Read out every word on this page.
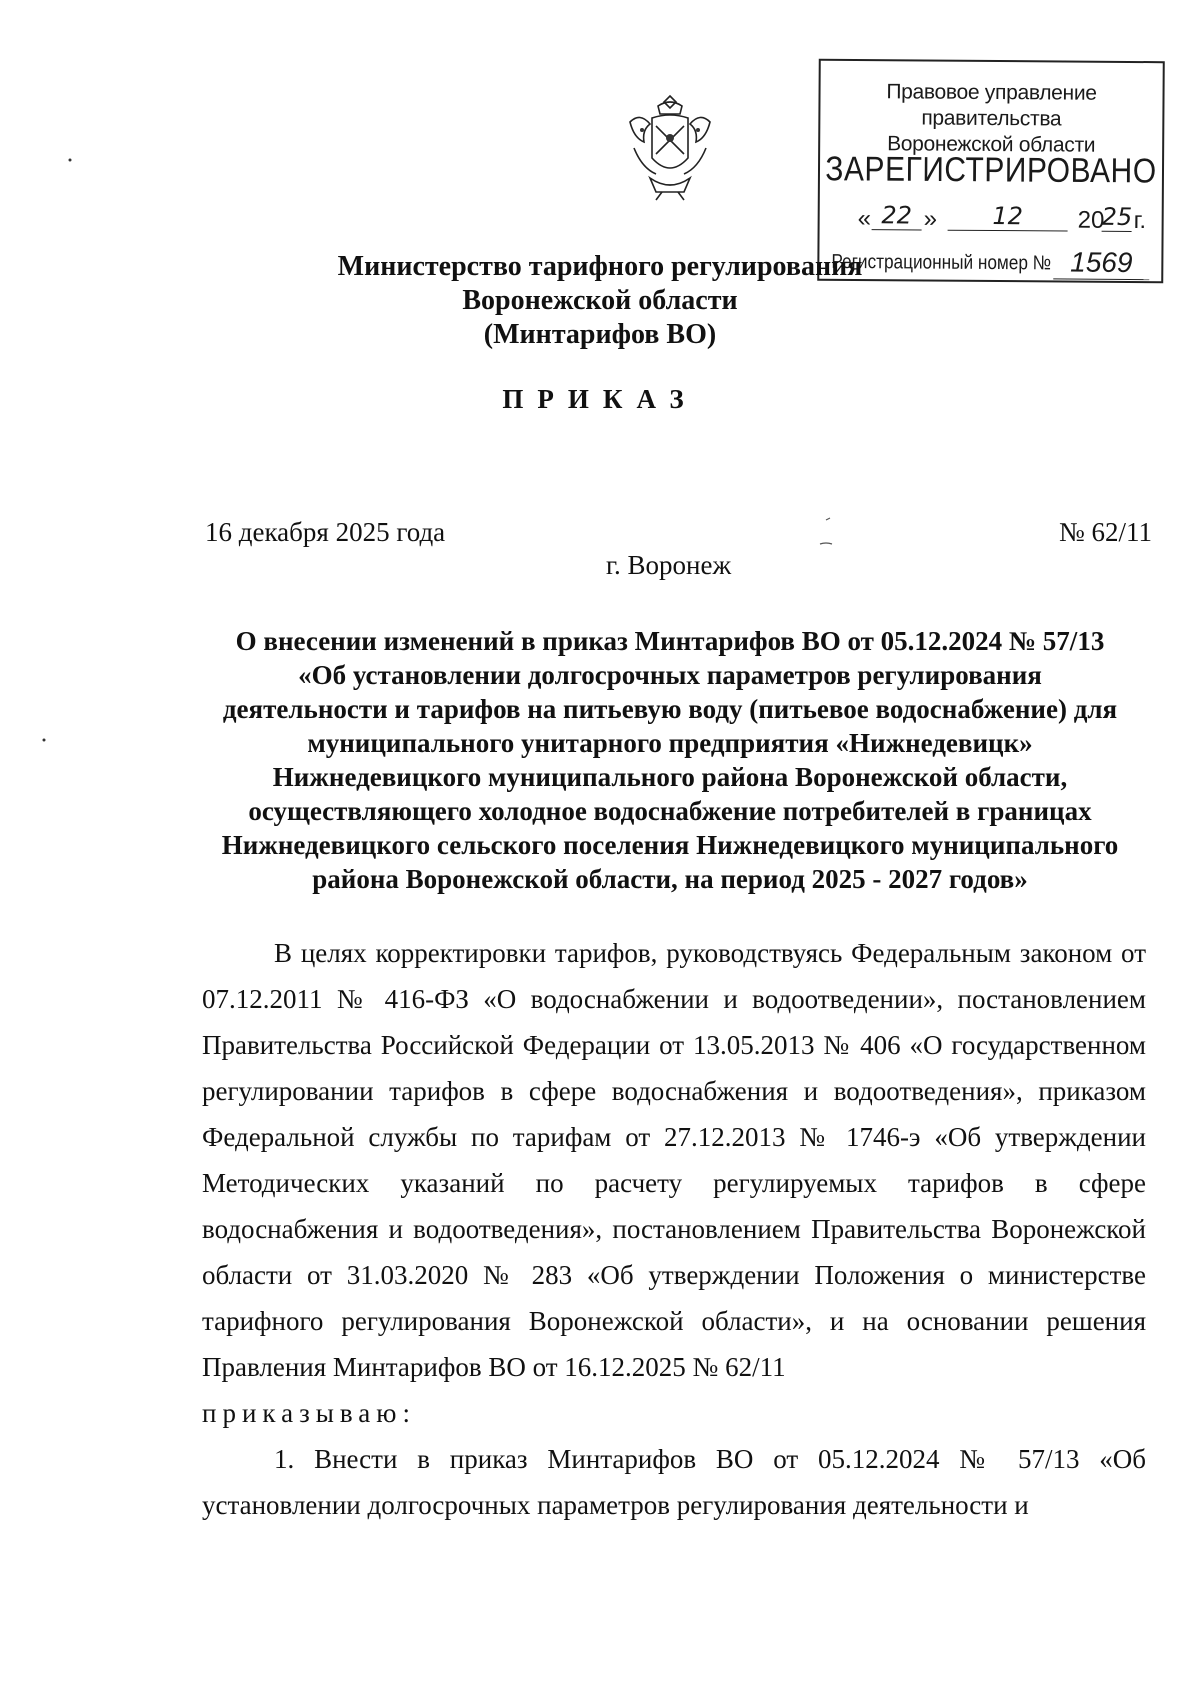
Правовое управление правительства
Воронежской области
ЗАРЕГИСТРИРОВАНО
« 22 »	12	20
25 г.
Регистрационный номер № 1569
Министерство тарифного регулирования
Воронежской области
(Минтарифов ВО)
ПРИКАЗ
16 декабря 2025 года	№ 62/11
г. Воронеж
О внесении изменений в приказ Минтарифов ВО от 05.12.2024 № 57/13
«Об установлении долгосрочных параметров регулирования
деятельности и тарифов на питьевую воду (питьевое водоснабжение) для
муниципального унитарного предприятия «Нижнедевицк»
Нижнедевицкого муниципального района Воронежской области,
осуществляющего холодное водоснабжение потребителей в границах
Нижнедевицкого сельского поселения Нижнедевицкого муниципального
района Воронежской области, на период 2025 - 2027 годов»

В целях корректировки тарифов, руководствуясь Федеральным законом от 07.12.2011 № 416-ФЗ «О водоснабжении и водоотведении», постановлением Правительства Российской Федерации от 13.05.2013 № 406 «О государственном регулировании тарифов в сфере водоснабжения и водоотведения», приказом Федеральной службы по тарифам от 27.12.2013 № 1746-э «Об утверждении Методических указаний по расчету регулируемых тарифов в сфере водоснабжения и водоотведения», постановлением Правительства Воронежской области от 31.03.2020 № 283 «Об утверждении Положения о министерстве тарифного регулирования Воронежской области», и на основании решения Правления Минтарифов ВО от 16.12.2025 № 62/11

приказываю:

1. Внести в приказ Минтарифов ВО от 05.12.2024 № 57/13 «Об установлении долгосрочных параметров регулирования деятельности и
